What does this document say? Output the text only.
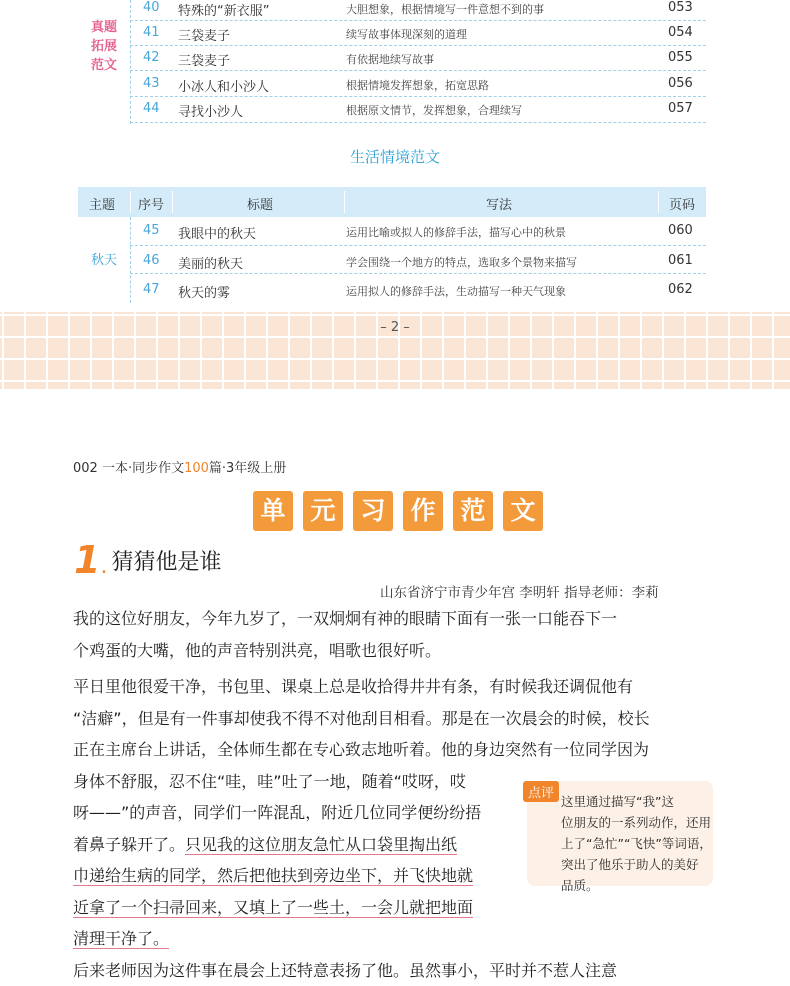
真题
拓展
范文
40 特殊的“新衣服”	大胆想象，根据情境写一件意想不到的事	053
41 三袋麦子	续写故事体现深刻的道理	054
42 三袋麦子	有依据地续写故事	055
43 小冰人和小沙人	根据情境发挥想象，拓宽思路	056
44 寻找小沙人	根据原文情节，发挥想象，合理续写	057
生活情境范文
主题 序号	标题	写法	页码
秋天
45 我眼中的秋天	运用比喻或拟人的修辞手法，描写心中的秋景	060
46 美丽的秋天	学会围绕一个地方的特点，选取多个景物来描写	061
47 秋天的雾	运用拟人的修辞手法，生动描写一种天气现象	062
– 2 –
002 一本·同步作文100篇·3年级上册
单 元 习 作 范 文
1. 猜猜他是谁
山东省济宁市青少年宫 李明轩 指导老师：李莉
我的这位好朋友，今年九岁了，一双炯炯有神的眼睛下面有一张一口能吞下一
个鸡蛋的大嘴，他的声音特别洪亮，唱歌也很好听。
平日里他很爱干净，书包里、课桌上总是收拾得井井有条，有时候我还调侃他有
“洁癖”，但是有一件事却使我不得不对他刮目相看。那是在一次晨会的时候，校长
正在主席台上讲话，全体师生都在专心致志地听着。他的身边突然有一位同学因为
身体不舒服，忍不住“哇，哇”吐了一地，随着“哎呀，哎
呀——”的声音，同学们一阵混乱，附近几位同学便纷纷捂
着鼻子躲开了。只见我的这位朋友急忙从口袋里掏出纸
巾递给生病的同学，然后把他扶到旁边坐下，并飞快地就
近拿了一个扫帚回来，又填上了一些土，一会儿就把地面
清理干净了。
后来老师因为这件事在晨会上还特意表扬了他。虽然事小，平时并不惹人注意
点评
这里通过描写“我”这
位朋友的一系列动作，还用
上了“急忙”“飞快”等词语，
突出了他乐于助人的美好
品质。
